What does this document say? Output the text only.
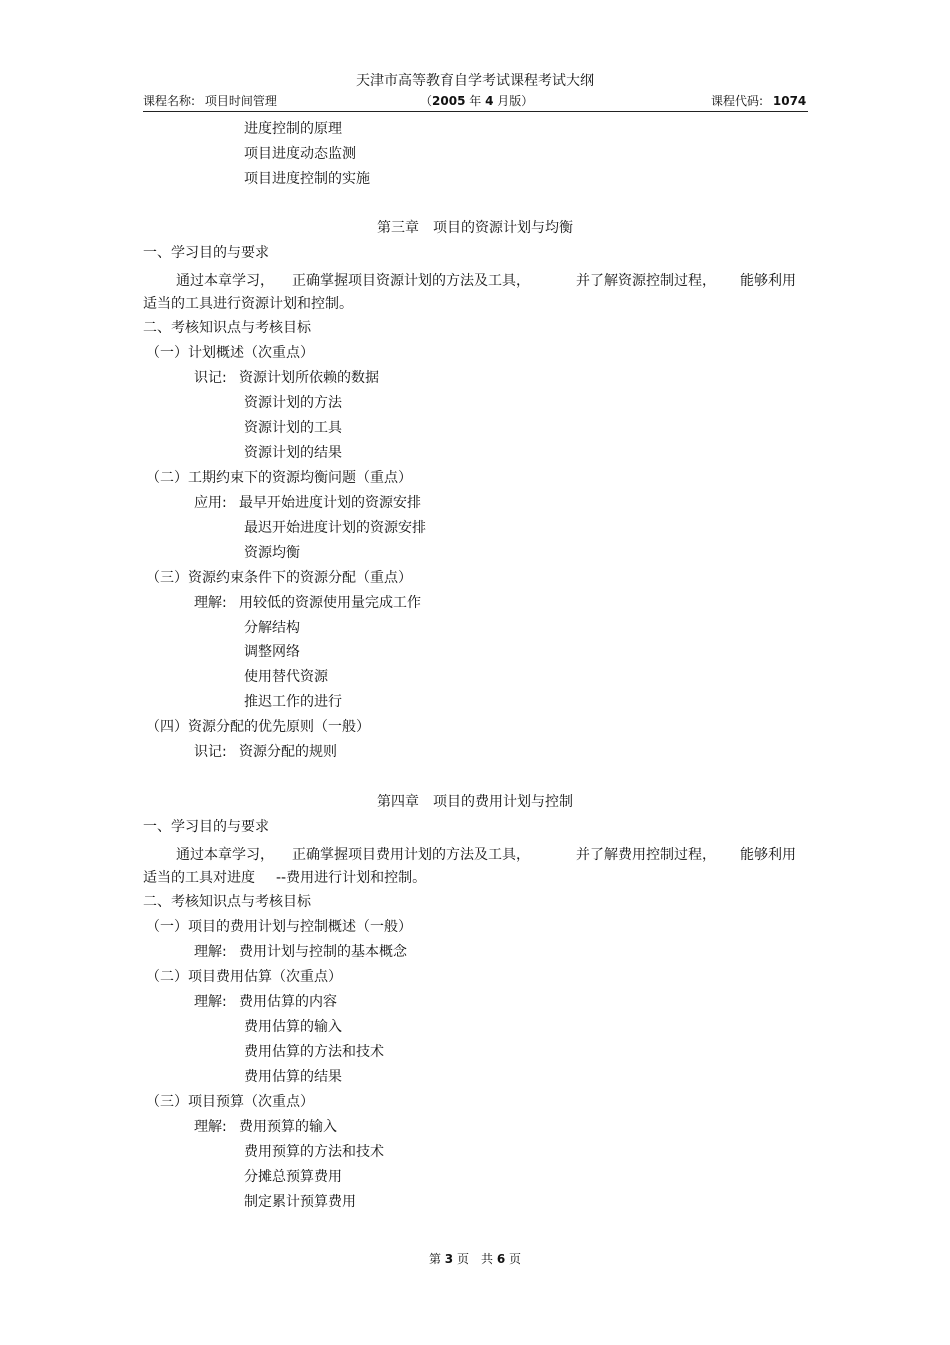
天津市高等教育自学考试课程考试大纲
课程名称: 项目时间管理	（2005 年 4 月版）	课程代码: 1074
进度控制的原理
项目进度动态监测
项目进度控制的实施
第三章　项目的资源计划与均衡
一、学习目的与要求
通过本章学习， 正确掌握项目资源计划的方法及工具，	并了解资源控制过程， 能够利用
适当的工具进行资源计划和控制。
二、考核知识点与考核目标
（一）计划概述（次重点）
识记: 资源计划所依赖的数据
资源计划的方法
资源计划的工具
资源计划的结果
（二）工期约束下的资源均衡问题（重点）
应用: 最早开始进度计划的资源安排
最迟开始进度计划的资源安排
资源均衡
（三）资源约束条件下的资源分配（重点）
理解: 用较低的资源使用量完成工作
分解结构
调整网络
使用替代资源
推迟工作的进行
（四）资源分配的优先原则（一般）
识记: 资源分配的规则
第四章　项目的费用计划与控制
一、学习目的与要求
通过本章学习， 正确掌握项目费用计划的方法及工具，	并了解费用控制过程， 能够利用
适当的工具对进度 --费用进行计划和控制。
二、考核知识点与考核目标
（一）项目的费用计划与控制概述（一般）
理解: 费用计划与控制的基本概念
（二）项目费用估算（次重点）
理解: 费用估算的内容
费用估算的输入
费用估算的方法和技术
费用估算的结果
（三）项目预算（次重点）
理解: 费用预算的输入
费用预算的方法和技术
分摊总预算费用
制定累计预算费用
第 3 页　共 6 页
